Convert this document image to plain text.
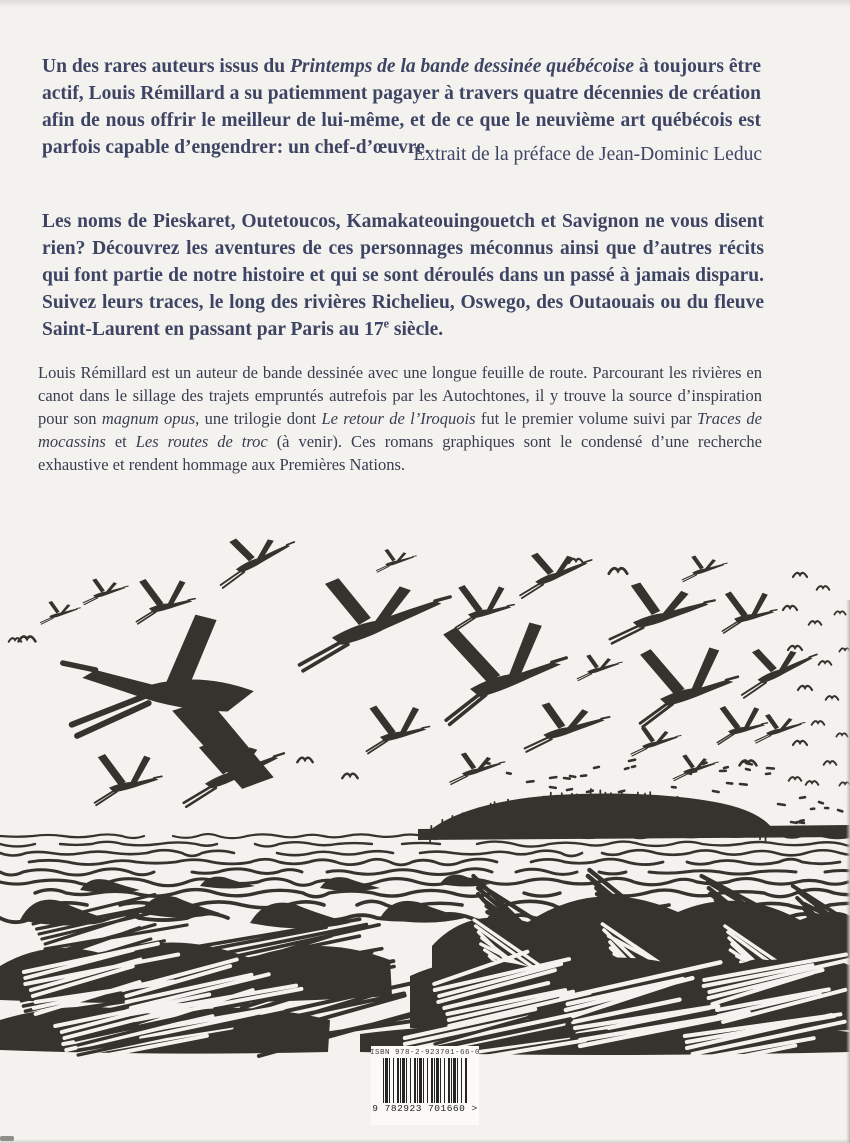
Un des rares auteurs issus du Printemps de la bande dessinée québécoise à toujours être actif, Louis Rémillard a su patiemment pagayer à travers quatre décennies de création afin de nous offrir le meilleur de lui-même, et de ce que le neuvième art québécois est parfois capable d’engendrer: un chef-d’œuvre.

Extrait de la préface de Jean-Dominic Leduc

Les noms de Pieskaret, Outetoucos, Kamakateouingouetch et Savignon ne vous disent rien? Découvrez les aventures de ces personnages méconnus ainsi que d’autres récits qui font partie de notre histoire et qui se sont déroulés dans un passé à jamais disparu. Suivez leurs traces, le long des rivières Richelieu, Oswego, des Outaouais ou du fleuve Saint-Laurent en passant par Paris au 17e siècle.

Louis Rémillard est un auteur de bande dessinée avec une longue feuille de route. Parcourant les rivières en canot dans le sillage des trajets empruntés autrefois par les Autochtones, il y trouve la source d’inspiration pour son magnum opus, une trilogie dont Le retour de l’Iroquois fut le premier volume suivi par Traces de mocassins et Les routes de troc (à venir). Ces romans graphiques sont le condensé d’une recherche exhaustive et rendent hommage aux Premières Nations.

ISBN 978-2-923701-66-0
9 782923 701660 >
